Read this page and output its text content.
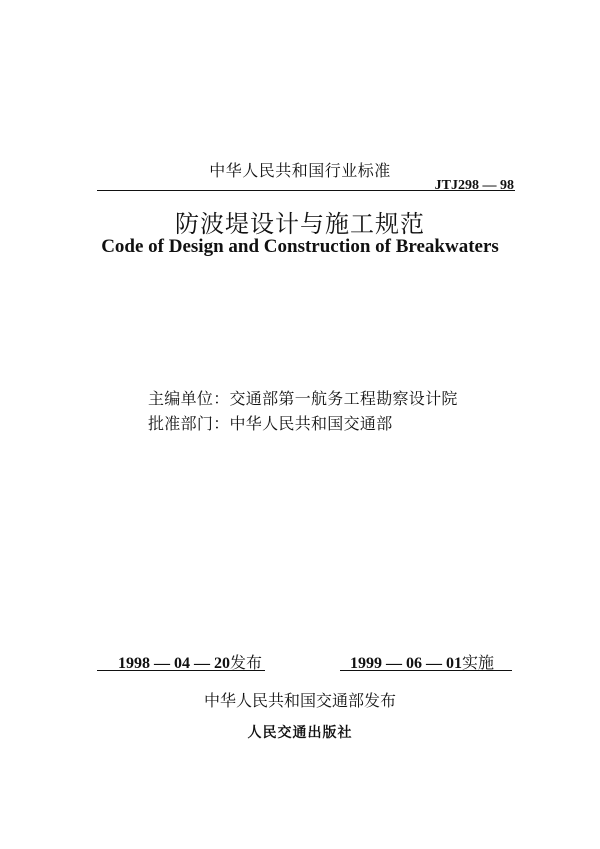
中华人民共和国行业标准
JTJ298 — 98
防波堤设计与施工规范
Code of Design and Construction of Breakwaters
主编单位：交通部第一航务工程勘察设计院
批准部门：中华人民共和国交通部
1998 — 04 — 20发布	1999 — 06 — 01实施
中华人民共和国交通部发布
人民交通出版社
